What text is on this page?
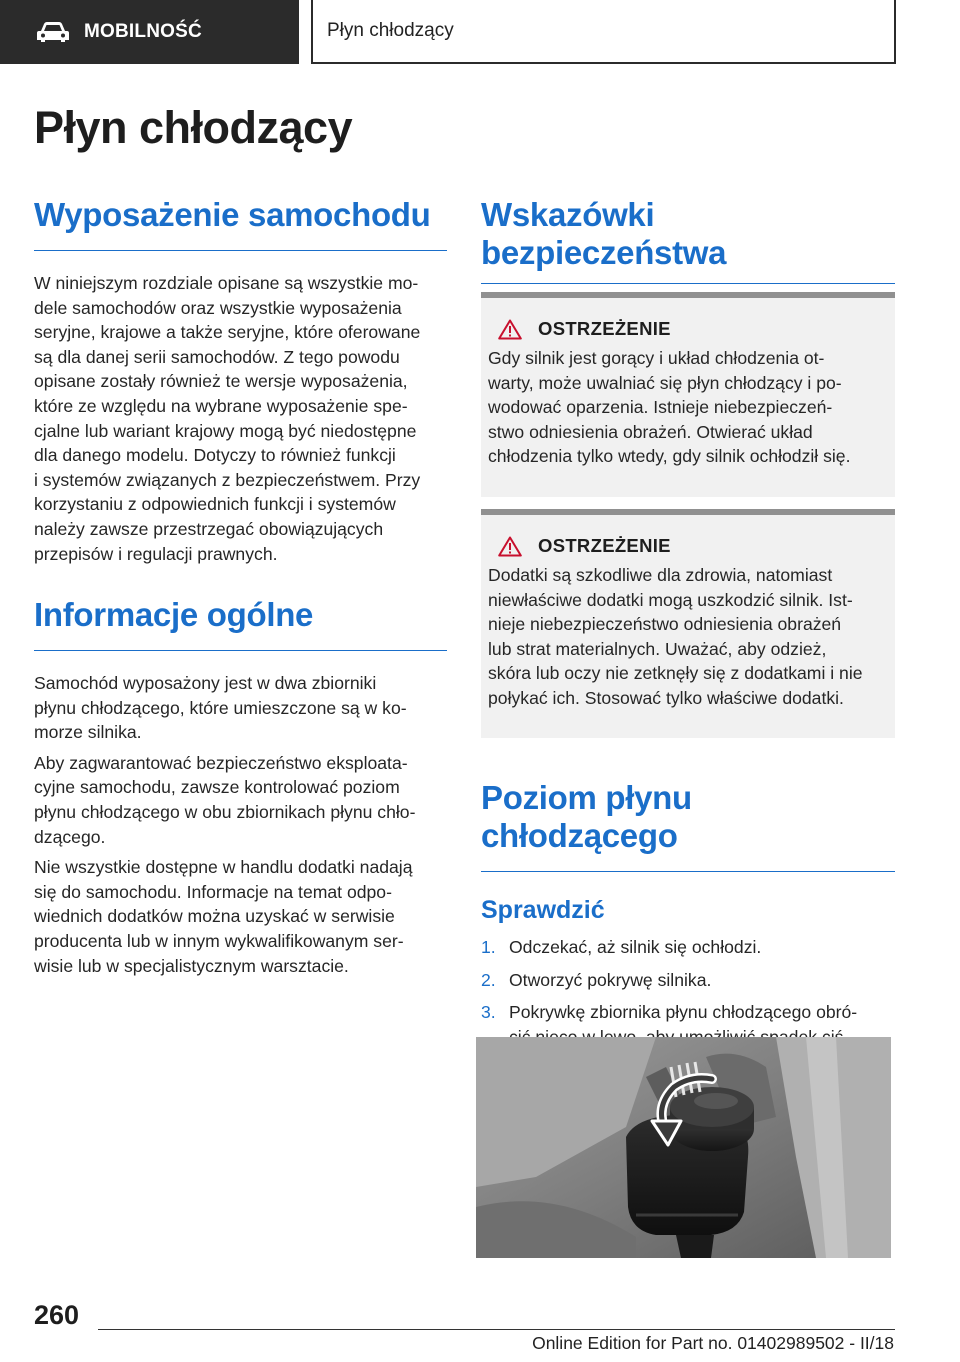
MOBILNOŚĆ	Płyn chłodzący
Płyn chłodzący
Wyposażenie samochodu

W niniejszym rozdziale opisane są wszystkie mo‐
dele samochodów oraz wszystkie wyposażenia
seryjne, krajowe a także seryjne, które oferowane
są dla danej serii samochodów. Z tego powodu
opisane zostały również te wersje wyposażenia,
które ze względu na wybrane wyposażenie spe‐
cjalne lub wariant krajowy mogą być niedostępne
dla danego modelu. Dotyczy to również funkcji
i systemów związanych z bezpieczeństwem. Przy
korzystaniu z odpowiednich funkcji i systemów
należy zawsze przestrzegać obowiązujących
przepisów i regulacji prawnych.

Informacje ogólne

Samochód wyposażony jest w dwa zbiorniki
płynu chłodzącego, które umieszczone są w ko‐
morze silnika.

Aby zagwarantować bezpieczeństwo eksploata‐
cyjne samochodu, zawsze kontrolować poziom
płynu chłodzącego w obu zbiornikach płynu chło‐
dzącego.

Nie wszystkie dostępne w handlu dodatki nadają
się do samochodu. Informacje na temat odpo‐
wiednich dodatków można uzyskać w serwisie
producenta lub w innym wykwalifikowanym ser‐
wisie lub w specjalistycznym warsztacie.

Wskazówki
bezpieczeństwa
OSTRZEŻENIE

Gdy silnik jest gorący i układ chłodzenia ot‐
warty, może uwalniać się płyn chłodzący i po‐
wodować oparzenia. Istnieje niebezpieczeń‐
stwo odniesienia obrażeń. Otwierać układ
chłodzenia tylko wtedy, gdy silnik ochłodził się.

OSTRZEŻENIE

Dodatki są szkodliwe dla zdrowia, natomiast
niewłaściwe dodatki mogą uszkodzić silnik. Ist‐
nieje niebezpieczeństwo odniesienia obrażeń
lub strat materialnych. Uważać, aby odzież,
skóra lub oczy nie zetknęły się z dodatkami i nie
połykać ich. Stosować tylko właściwe dodatki.

Poziom płynu chłodzącego
Sprawdzić
1. Odczekać, aż silnik się ochłodzi.
2. Otworzyć pokrywę silnika.
3. Pokrywkę zbiornika płynu chłodzącego obró‐

260
Online Edition for Part no. 01402989502 - II/18
